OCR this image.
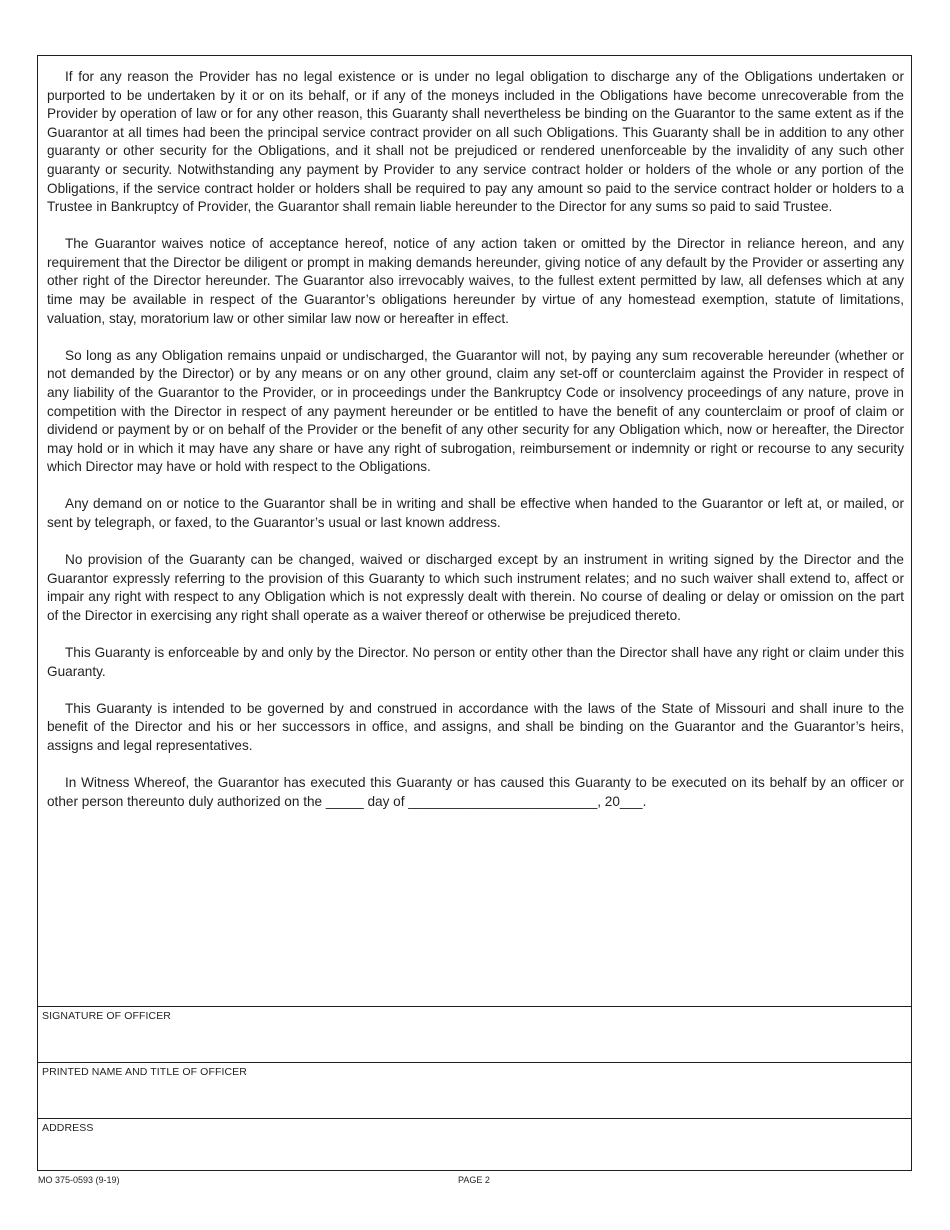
If for any reason the Provider has no legal existence or is under no legal obligation to discharge any of the Obligations undertaken or purported to be undertaken by it or on its behalf, or if any of the moneys included in the Obligations have become unrecoverable from the Provider by operation of law or for any other reason, this Guaranty shall nevertheless be binding on the Guarantor to the same extent as if the Guarantor at all times had been the principal service contract provider on all such Obligations. This Guaranty shall be in addition to any other guaranty or other security for the Obligations, and it shall not be prejudiced or rendered unenforceable by the invalidity of any such other guaranty or security. Notwithstanding any payment by Provider to any service contract holder or holders of the whole or any portion of the Obligations, if the service contract holder or holders shall be required to pay any amount so paid to the service contract holder or holders to a Trustee in Bankruptcy of Provider, the Guarantor shall remain liable hereunder to the Director for any sums so paid to said Trustee.

The Guarantor waives notice of acceptance hereof, notice of any action taken or omitted by the Director in reliance hereon, and any requirement that the Director be diligent or prompt in making demands hereunder, giving notice of any default by the Provider or asserting any other right of the Director hereunder. The Guarantor also irrevocably waives, to the fullest extent permitted by law, all defenses which at any time may be available in respect of the Guarantor’s obligations hereunder by virtue of any homestead exemption, statute of limitations, valuation, stay, moratorium law or other similar law now or hereafter in effect.

So long as any Obligation remains unpaid or undischarged, the Guarantor will not, by paying any sum recoverable hereunder (whether or not demanded by the Director) or by any means or on any other ground, claim any set-off or counterclaim against the Provider in respect of any liability of the Guarantor to the Provider, or in proceedings under the Bankruptcy Code or insolvency proceedings of any nature, prove in competition with the Director in respect of any payment hereunder or be entitled to have the benefit of any counterclaim or proof of claim or dividend or payment by or on behalf of the Provider or the benefit of any other security for any Obligation which, now or hereafter, the Director may hold or in which it may have any share or have any right of subrogation, reimbursement or indemnity or right or recourse to any security which Director may have or hold with respect to the Obligations.

Any demand on or notice to the Guarantor shall be in writing and shall be effective when handed to the Guarantor or left at, or mailed, or sent by telegraph, or faxed, to the Guarantor’s usual or last known address.

No provision of the Guaranty can be changed, waived or discharged except by an instrument in writing signed by the Director and the Guarantor expressly referring to the provision of this Guaranty to which such instrument relates; and no such waiver shall extend to, affect or impair any right with respect to any Obligation which is not expressly dealt with therein. No course of dealing or delay or omission on the part of the Director in exercising any right shall operate as a waiver thereof or otherwise be prejudiced thereto.

This Guaranty is enforceable by and only by the Director. No person or entity other than the Director shall have any right or claim under this Guaranty.

This Guaranty is intended to be governed by and construed in accordance with the laws of the State of Missouri and shall inure to the benefit of the Director and his or her successors in office, and assigns, and shall be binding on the Guarantor and the Guarantor’s heirs, assigns and legal representatives.

In Witness Whereof, the Guarantor has executed this Guaranty or has caused this Guaranty to be executed on its behalf by an officer or other person thereunto duly authorized on the _____ day of _________________________, 20___.

SIGNATURE OF OFFICER
PRINTED NAME AND TITLE OF OFFICER
ADDRESS
MO 375-0593 (9-19)	PAGE 2
